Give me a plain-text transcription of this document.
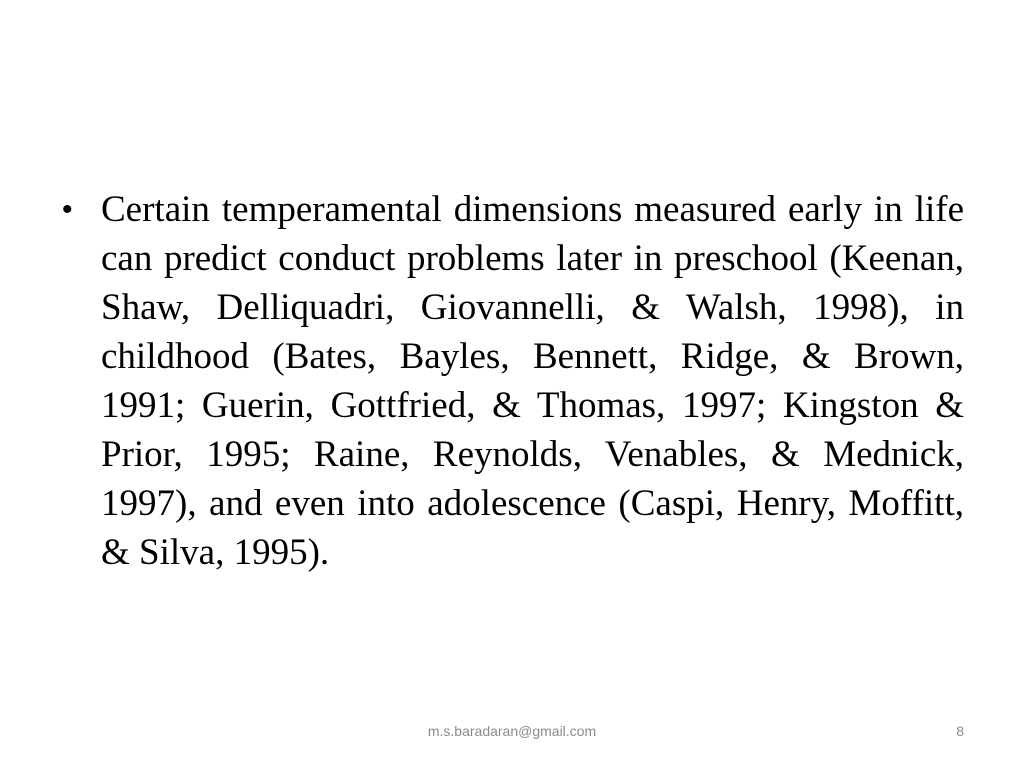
• Certain temperamental dimensions measured early in life can predict conduct problems later in preschool (Keenan, Shaw, Delliquadri, Giovannelli, & Walsh, 1998), in childhood (Bates, Bayles, Bennett, Ridge, & Brown, 1991; Guerin, Gottfried, & Thomas, 1997; Kingston & Prior, 1995; Raine, Reynolds, Venables, & Mednick, 1997), and even into adolescence (Caspi, Henry, Moffitt, & Silva, 1995).

m.s.baradaran@gmail.com	8
